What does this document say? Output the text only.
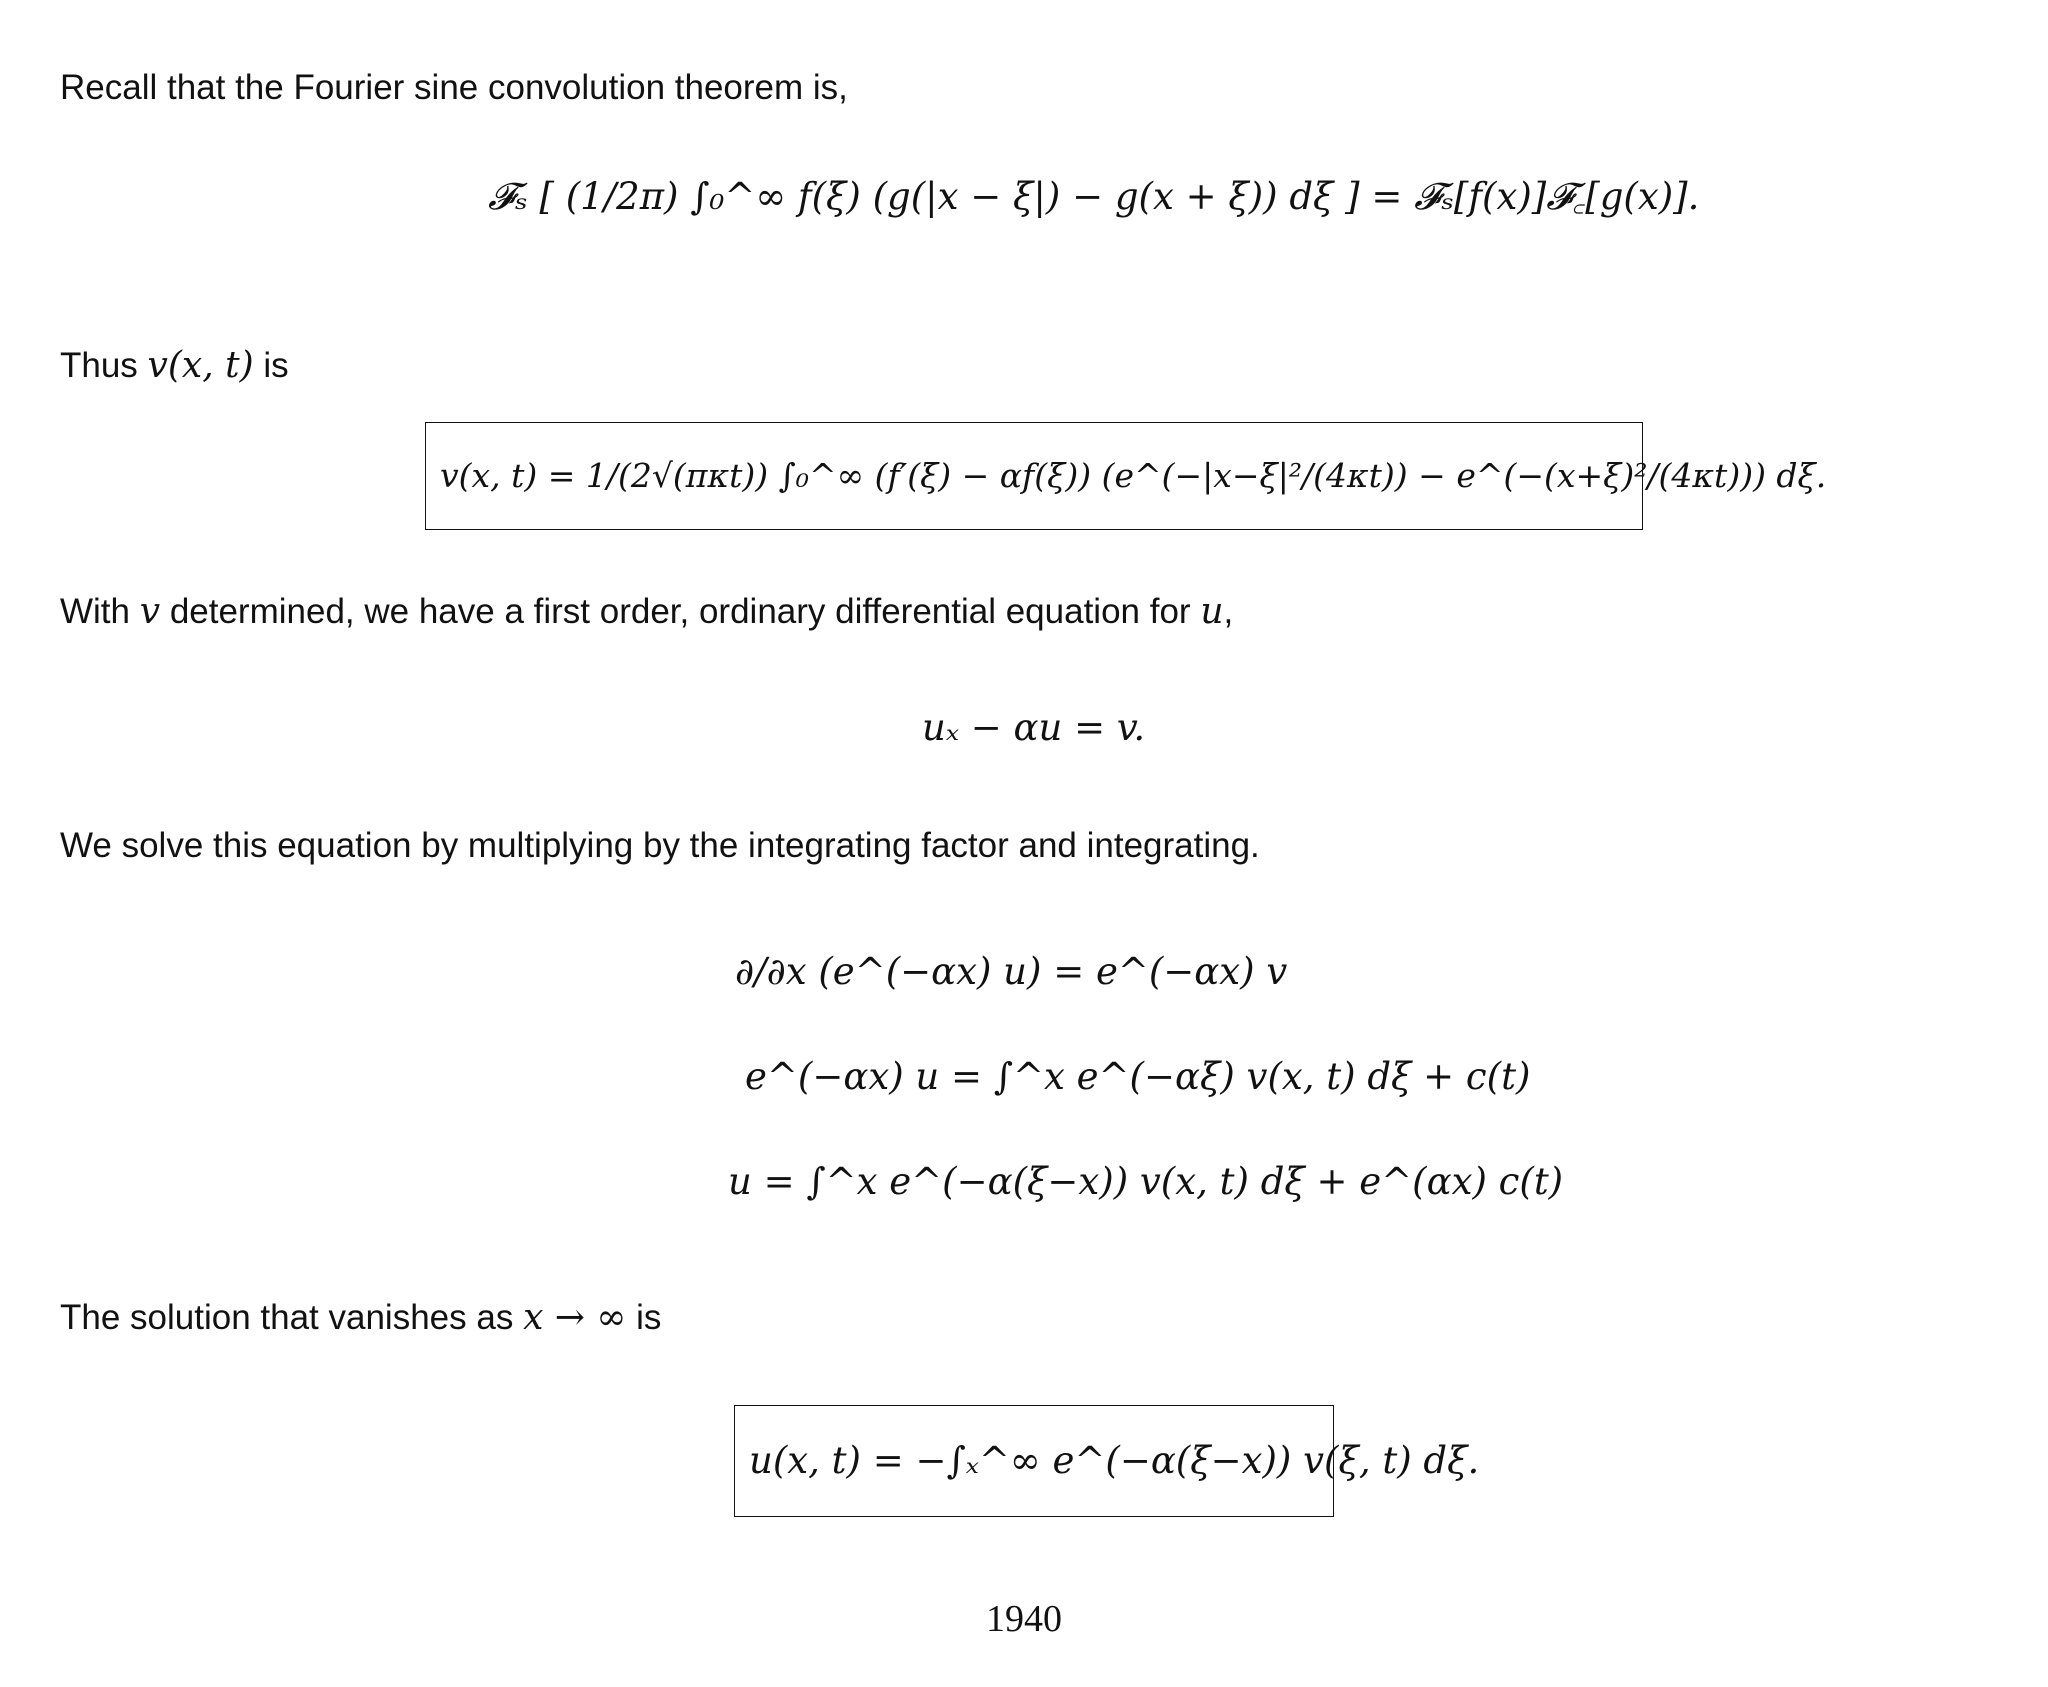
Recall that the Fourier sine convolution theorem is,
𝓕ₛ [ (1/2π) ∫₀^∞ f(ξ) (g(|x − ξ|) − g(x + ξ)) dξ ] = 𝓕ₛ[f(x)]𝓕꜀[g(x)].
Thus v(x, t) is
v(x, t) = 1/(2√(πκt)) ∫₀^∞ (f′(ξ) − αf(ξ)) (e^(−|x−ξ|²/(4κt)) − e^(−(x+ξ)²/(4κt))) dξ.
With v determined, we have a first order, ordinary differential equation for u,
uₓ − αu = v.
We solve this equation by multiplying by the integrating factor and integrating.
∂/∂x (e^(−αx) u) = e^(−αx) v
e^(−αx) u = ∫^x e^(−αξ) v(x, t) dξ + c(t)
u = ∫^x e^(−α(ξ−x)) v(x, t) dξ + e^(αx) c(t)
The solution that vanishes as x → ∞ is
u(x, t) = −∫ₓ^∞ e^(−α(ξ−x)) v(ξ, t) dξ.
1940
